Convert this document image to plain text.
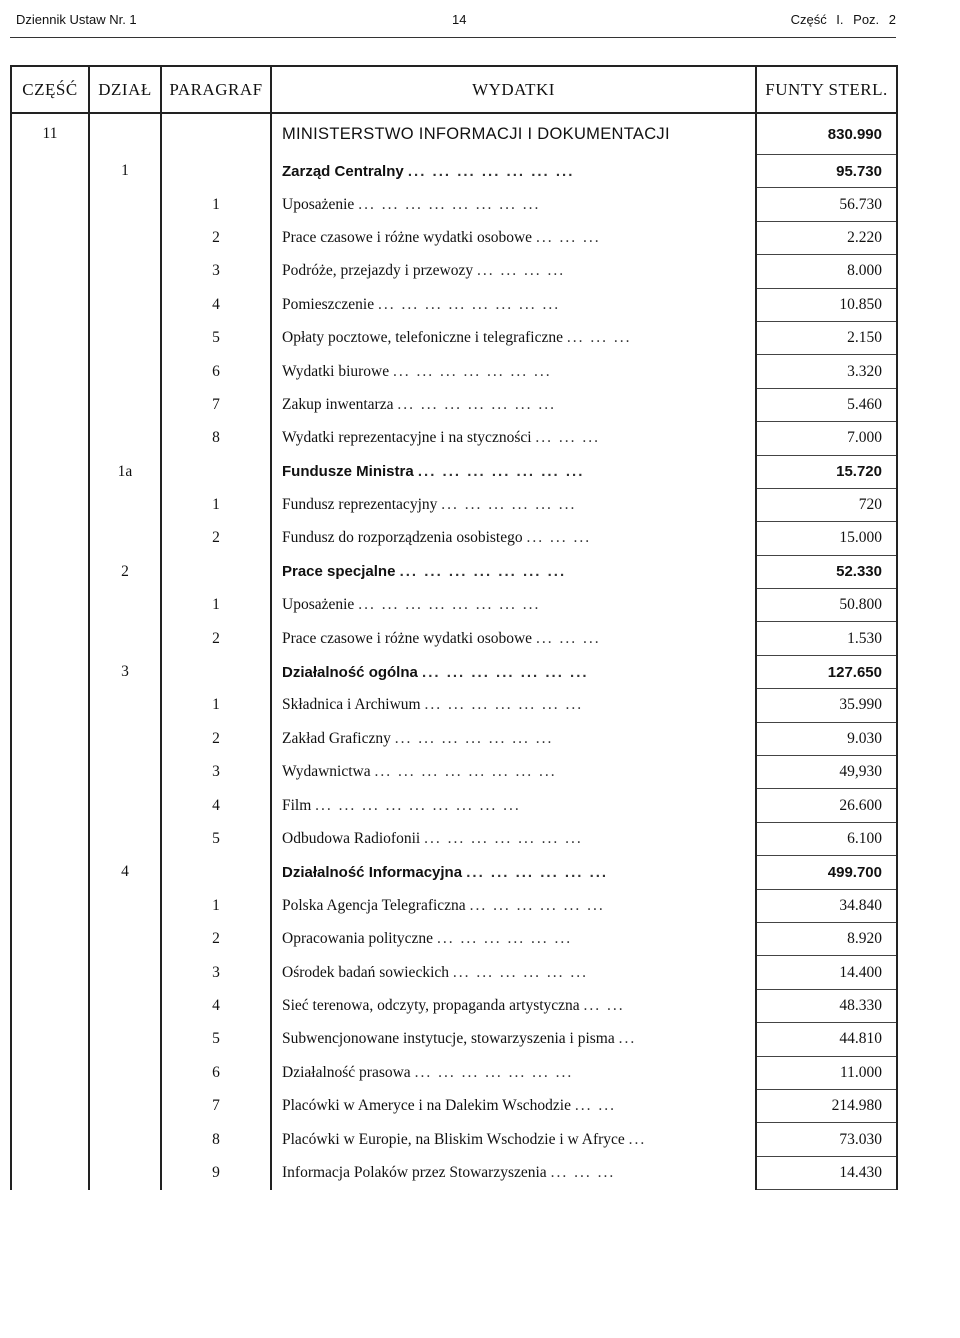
Dziennik Ustaw Nr. 1	14	Część I. Poz. 2
CZĘŚĆ	DZIAŁ	PARAGRAF	WYDATKI	FUNTY STERL.
11			MINISTERSTWO INFORMACJI I DOKUMENTACJI	830.990
	1		Zarząd Centralny ... ... ... ... ... ... ...	95.730
		1	Uposażenie ... ... ... ... ... ... ... ...	56.730
		2	Prace czasowe i różne wydatki osobowe ... ... ...	2.220
		3	Podróże, przejazdy i przewozy ... ... ... ...	8.000
		4	Pomieszczenie ... ... ... ... ... ... ... ...	10.850
		5	Opłaty pocztowe, telefoniczne i telegraficzne ... ... ...	2.150
		6	Wydatki biurowe ... ... ... ... ... ... ...	3.320
		7	Zakup inwentarza ... ... ... ... ... ... ...	5.460
		8	Wydatki reprezentacyjne i na styczności ... ... ...	7.000
	1a		Fundusze Ministra ... ... ... ... ... ... ...	15.720
		1	Fundusz reprezentacyjny ... ... ... ... ... ...	720
		2	Fundusz do rozporządzenia osobistego ... ... ...	15.000
	2		Prace specjalne ... ... ... ... ... ... ...	52.330
		1	Uposażenie ... ... ... ... ... ... ... ...	50.800
		2	Prace czasowe i różne wydatki osobowe ... ... ...	1.530
	3		Działalność ogólna ... ... ... ... ... ... ...	127.650
		1	Składnica i Archiwum ... ... ... ... ... ... ...	35.990
		2	Zakład Graficzny ... ... ... ... ... ... ...	9.030
		3	Wydawnictwa ... ... ... ... ... ... ... ...	49,930
		4	Film ... ... ... ... ... ... ... ... ...	26.600
		5	Odbudowa Radiofonii ... ... ... ... ... ... ...	6.100
	4		Działalność Informacyjna ... ... ... ... ... ...	499.700
		1	Polska Agencja Telegraficzna ... ... ... ... ... ...	34.840
		2	Opracowania polityczne ... ... ... ... ... ...	8.920
		3	Ośrodek badań sowieckich ... ... ... ... ... ...	14.400
		4	Sieć terenowa, odczyty, propaganda artystyczna ... ...	48.330
		5	Subwencjonowane instytucje, stowarzyszenia i pisma ...	44.810
		6	Działalność prasowa ... ... ... ... ... ... ...	11.000
		7	Placówki w Ameryce i na Dalekim Wschodzie ... ...	214.980
		8	Placówki w Europie, na Bliskim Wschodzie i w Afryce ...	73.030
		9	Informacja Polaków przez Stowarzyszenia ... ... ...	14.430
